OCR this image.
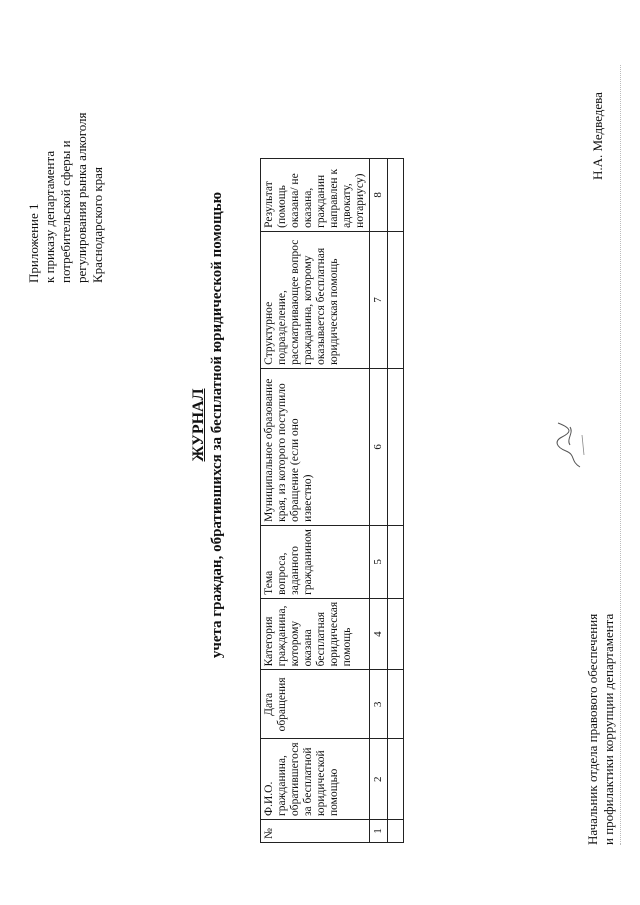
Приложение 1 к приказу департамента потребительской сферы и регулирования рынка алкоголя Краснодарского края
ЖУРНАЛ учета граждан, обратившихся за бесплатной юридической помощью
№	Ф.И.О. гражданина, обратившегося за бесплатной юридической помощью	Дата обращения	Категория гражданина, которому оказана бесплатная юридическая помощь	Тема вопроса, заданного гражданином	Муниципальное образование края, из которого поступило обращение (если оно известно)	Структурное подразделение, рассматривающее вопрос гражданина, которому оказывается бесплатная юридическая помощь	Результат (помощь оказана/ не оказана, гражданин направлен к адвокату, нотариусу)
1	2	3	4	5	6	7	8

Начальник отдела правового обеспечения и профилактики коррупции департамента
Н.А. Медведева
